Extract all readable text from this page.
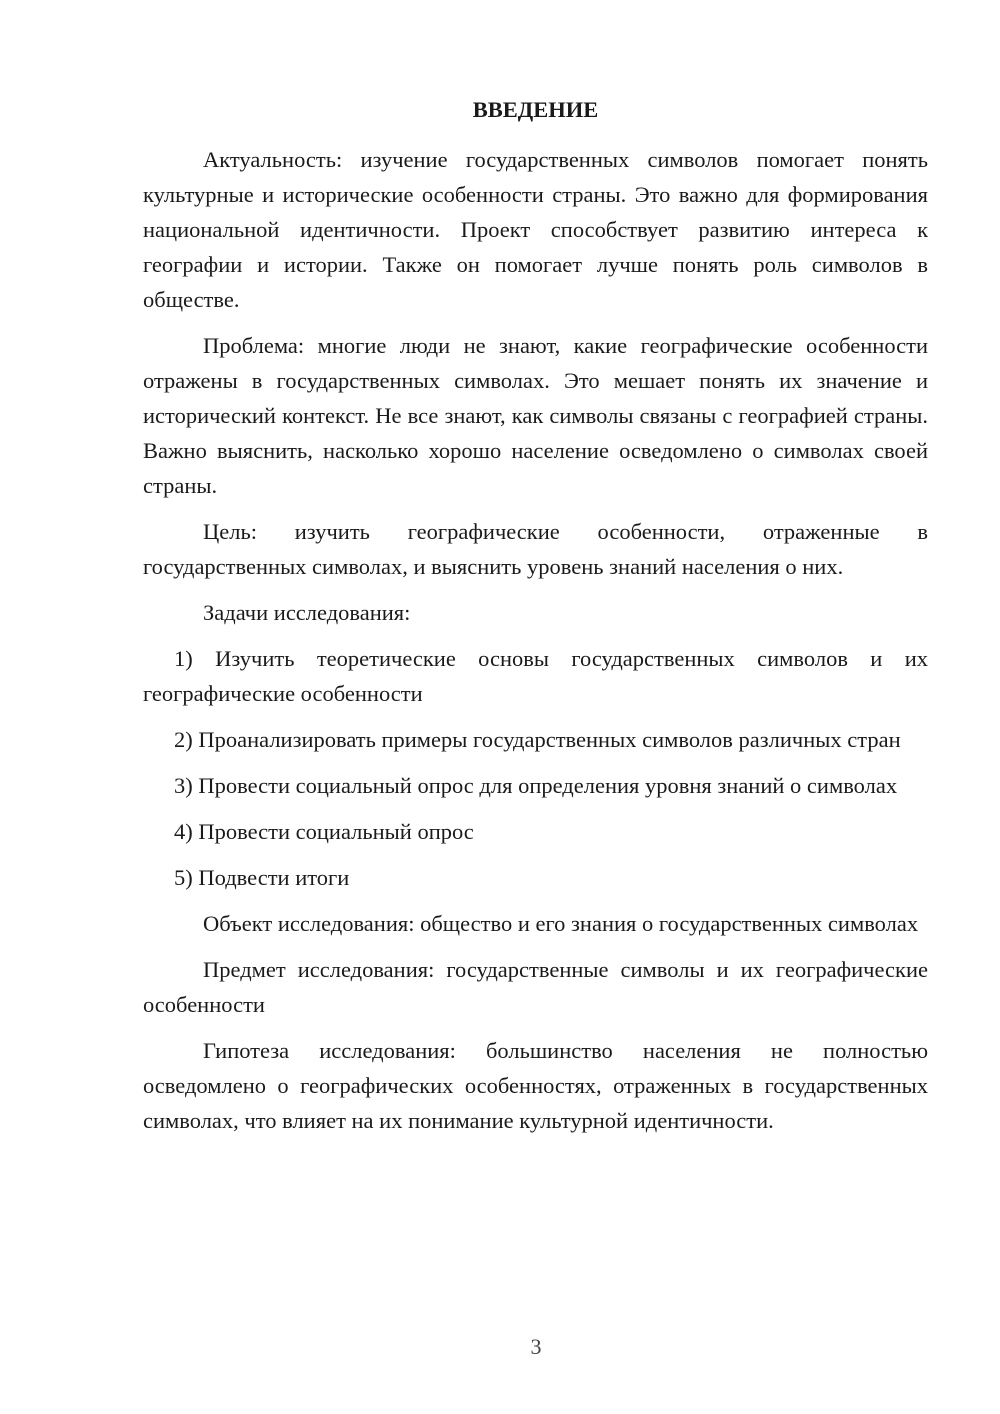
ВВЕДЕНИЕ

Актуальность: изучение государственных символов помогает понять культурные и исторические особенности страны. Это важно для формирования национальной идентичности. Проект способствует развитию интереса к географии и истории. Также он помогает лучше понять роль символов в обществе.

Проблема: многие люди не знают, какие географические особенности отражены в государственных символах. Это мешает понять их значение и исторический контекст. Не все знают, как символы связаны с географией страны. Важно выяснить, насколько хорошо население осведомлено о символах своей страны.

Цель: изучить географические особенности, отраженные в государственных символах, и выяснить уровень знаний населения о них.

Задачи исследования:

1) Изучить теоретические основы государственных символов и их географические особенности

2) Проанализировать примеры государственных символов различных стран

3) Провести социальный опрос для определения уровня знаний о символах

4) Провести социальный опрос

5) Подвести итоги

Объект исследования: общество и его знания о государственных символах

Предмет исследования: государственные символы и их географические особенности

Гипотеза исследования: большинство населения не полностью осведомлено о географических особенностях, отраженных в государственных символах, что влияет на их понимание культурной идентичности.

3
